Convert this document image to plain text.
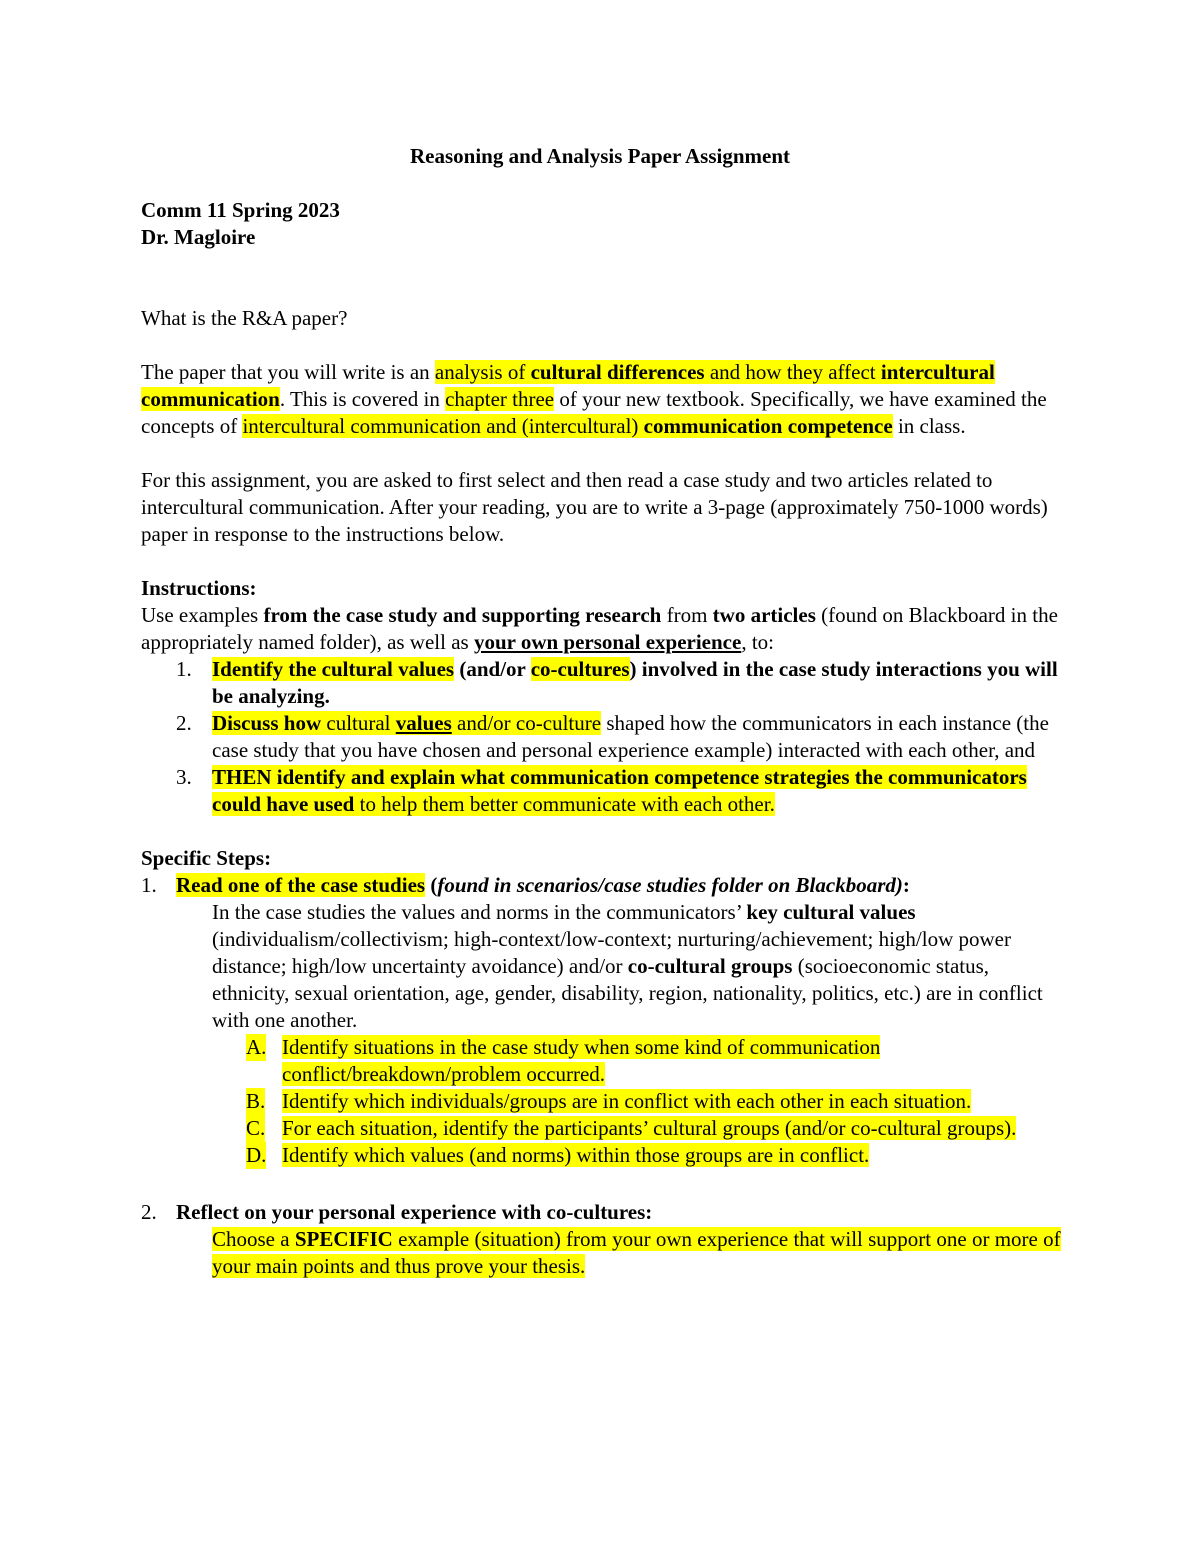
Reasoning and Analysis Paper Assignment

Comm 11 Spring 2023

Dr. Magloire

What is the R&A paper?

The paper that you will write is an analysis of cultural differences and how they affect intercultural communication. This is covered in chapter three of your new textbook. Specifically, we have examined the concepts of intercultural communication and (intercultural) communication competence in class.

For this assignment, you are asked to first select and then read a case study and two articles related to intercultural communication. After your reading, you are to write a 3-page (approximately 750-1000 words) paper in response to the instructions below.

Instructions:

Use examples from the case study and supporting research from two articles (found on Blackboard in the appropriately named folder), as well as your own personal experience, to:

1. Identify the cultural values (and/or co-cultures) involved in the case study interactions you will be analyzing.
2. Discuss how cultural values and/or co-culture shaped how the communicators in each instance (the case study that you have chosen and personal experience example) interacted with each other, and
3. THEN identify and explain what communication competence strategies the communicators could have used to help them better communicate with each other.

Specific Steps:

1. Read one of the case studies (found in scenarios/case studies folder on Blackboard):
In the case studies the values and norms in the communicators’ key cultural values (individualism/collectivism; high-context/low-context; nurturing/achievement; high/low power distance; high/low uncertainty avoidance) and/or co-cultural groups (socioeconomic status, ethnicity, sexual orientation, age, gender, disability, region, nationality, politics, etc.) are in conflict with one another.
A. Identify situations in the case study when some kind of communication conflict/breakdown/problem occurred.
B. Identify which individuals/groups are in conflict with each other in each situation.
C. For each situation, identify the participants’ cultural groups (and/or co-cultural groups).
D. Identify which values (and norms) within those groups are in conflict.
2. Reflect on your personal experience with co-cultures:
Choose a SPECIFIC example (situation) from your own experience that will support one or more of your main points and thus prove your thesis.
